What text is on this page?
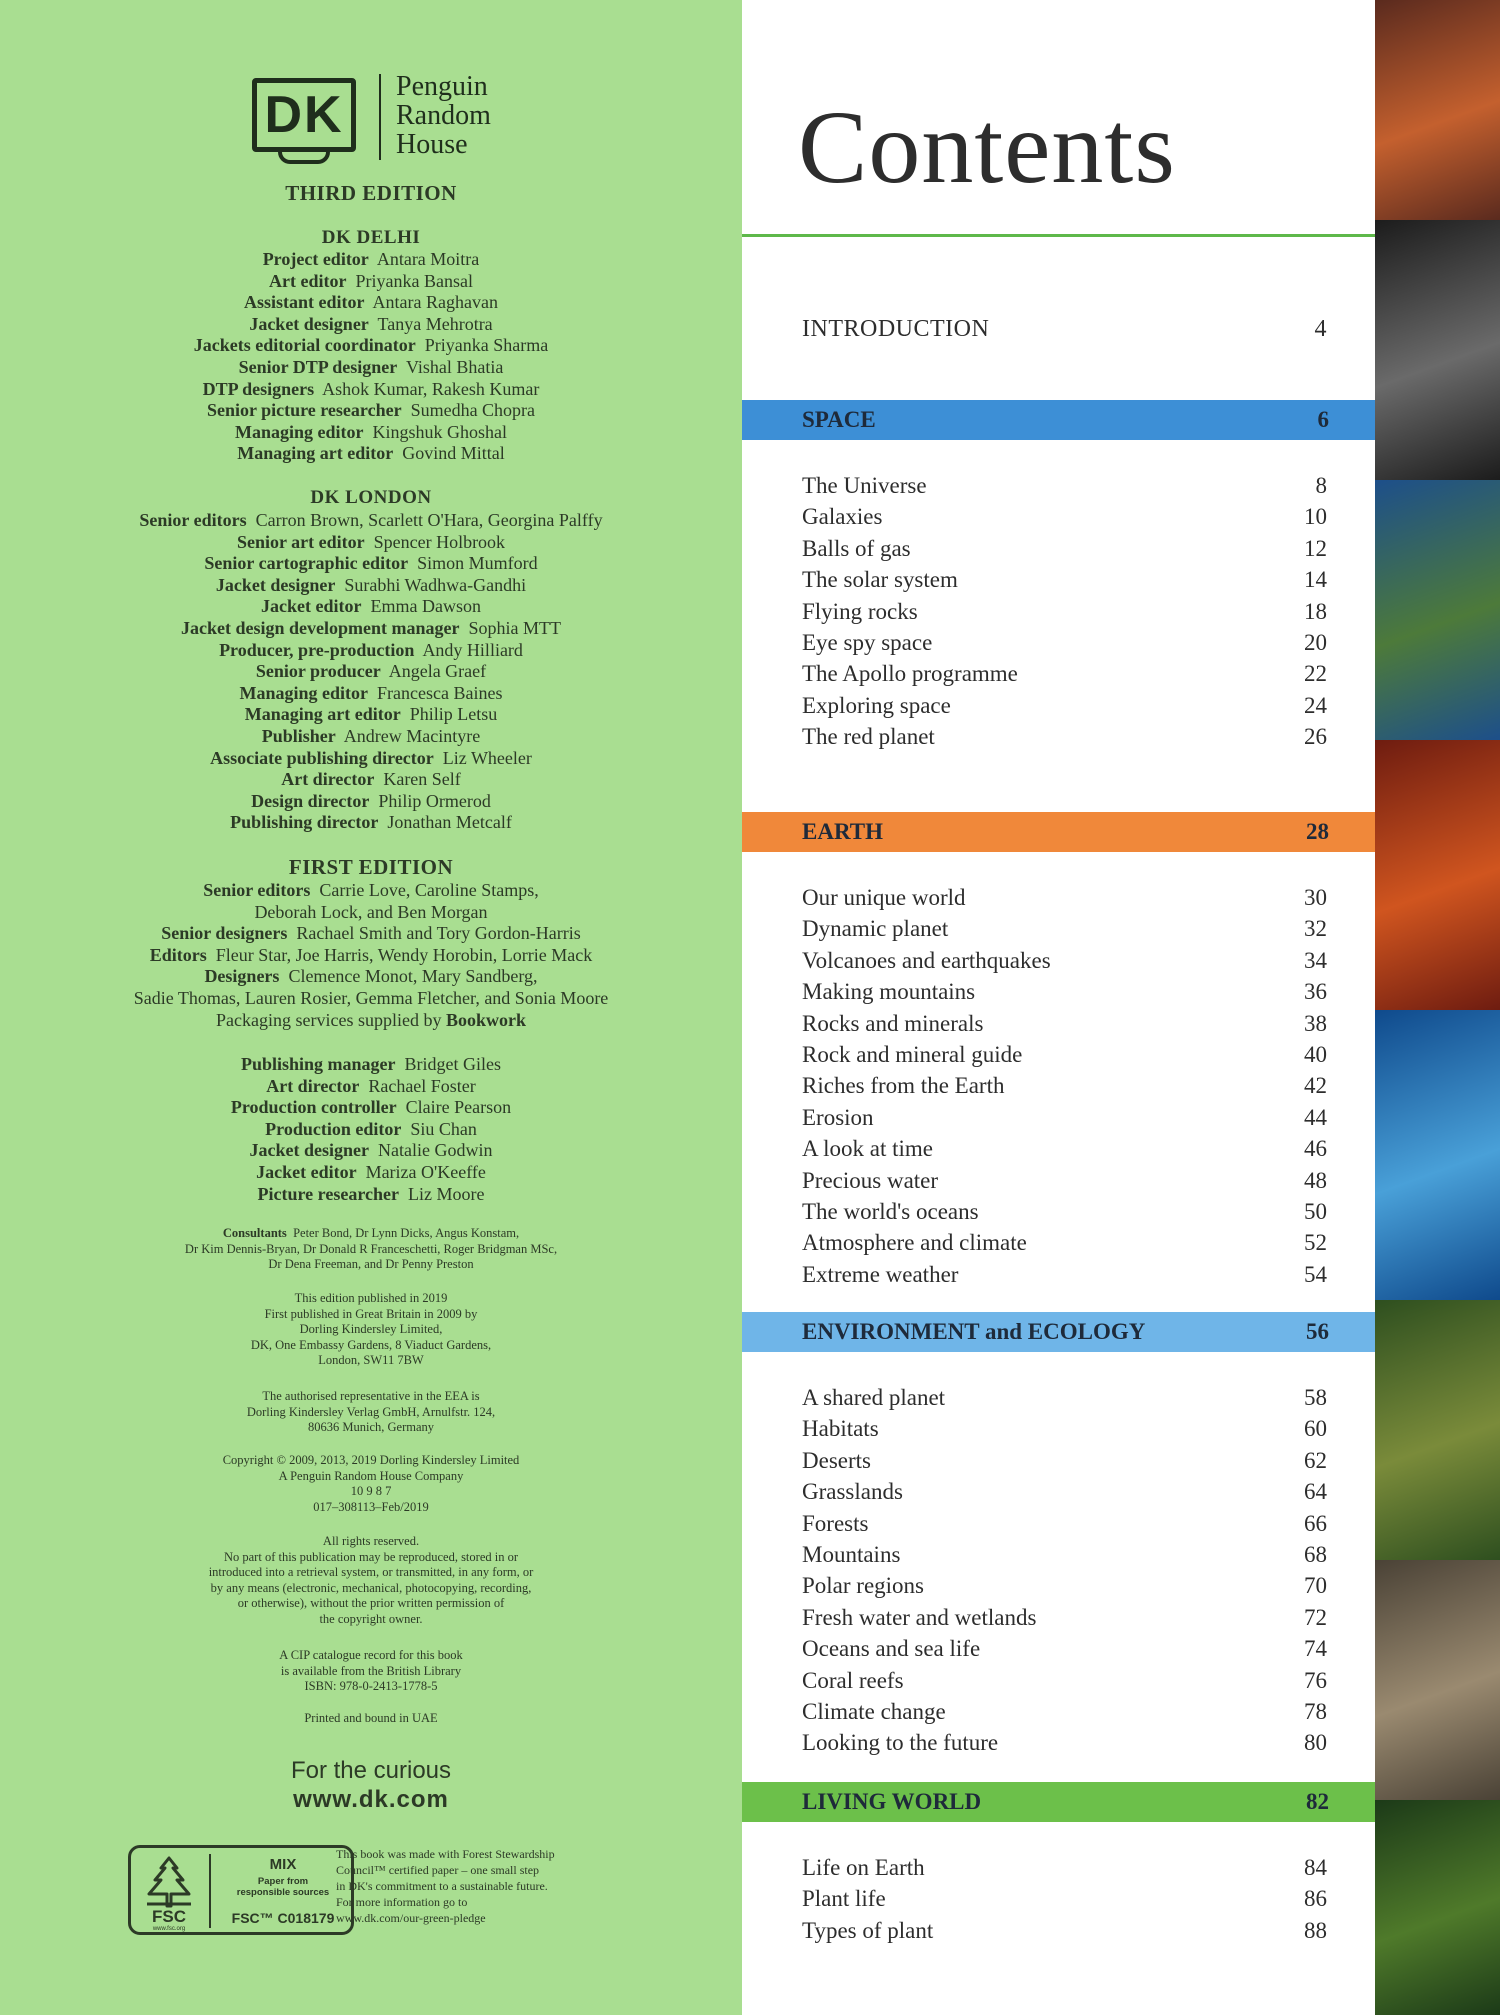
DK	Penguin
Random
House
THIRD EDITION
DK DELHI
Project editor Antara Moitra
Art editor Priyanka Bansal
Assistant editor Antara Raghavan
Jacket designer Tanya Mehrotra
Jackets editorial coordinator Priyanka Sharma
Senior DTP designer Vishal Bhatia
DTP designers Ashok Kumar, Rakesh Kumar
Senior picture researcher Sumedha Chopra
Managing editor Kingshuk Ghoshal
Managing art editor Govind Mittal
DK LONDON
Senior editors Carron Brown, Scarlett O'Hara, Georgina Palffy
Senior art editor Spencer Holbrook
Senior cartographic editor Simon Mumford
Jacket designer Surabhi Wadhwa-Gandhi
Jacket editor Emma Dawson
Jacket design development manager Sophia MTT
Producer, pre-production Andy Hilliard
Senior producer Angela Graef
Managing editor Francesca Baines
Managing art editor Philip Letsu
Publisher Andrew Macintyre
Associate publishing director Liz Wheeler
Art director Karen Self
Design director Philip Ormerod
Publishing director Jonathan Metcalf
FIRST EDITION
Senior editors Carrie Love, Caroline Stamps,
Deborah Lock, and Ben Morgan
Senior designers Rachael Smith and Tory Gordon-Harris
Editors Fleur Star, Joe Harris, Wendy Horobin, Lorrie Mack
Designers Clemence Monot, Mary Sandberg,
Sadie Thomas, Lauren Rosier, Gemma Fletcher, and Sonia Moore
Packaging services supplied by Bookwork
Publishing manager Bridget Giles
Art director Rachael Foster
Production controller Claire Pearson
Production editor Siu Chan
Jacket designer Natalie Godwin
Jacket editor Mariza O'Keeffe
Picture researcher Liz Moore
Consultants Peter Bond, Dr Lynn Dicks, Angus Konstam,
Dr Kim Dennis-Bryan, Dr Donald R Franceschetti, Roger Bridgman MSc,
Dr Dena Freeman, and Dr Penny Preston
This edition published in 2019
First published in Great Britain in 2009 by
Dorling Kindersley Limited,
DK, One Embassy Gardens, 8 Viaduct Gardens,
London, SW11 7BW
The authorised representative in the EEA is
Dorling Kindersley Verlag GmbH, Arnulfstr. 124,
80636 Munich, Germany
Copyright © 2009, 2013, 2019 Dorling Kindersley Limited
A Penguin Random House Company
10 9 8 7
017–308113–Feb/2019
All rights reserved.
No part of this publication may be reproduced, stored in or
introduced into a retrieval system, or transmitted, in any form, or
by any means (electronic, mechanical, photocopying, recording,
or otherwise), without the prior written permission of
the copyright owner.
A CIP catalogue record for this book
is available from the British Library
ISBN: 978-0-2413-1778-5
Printed and bound in UAE
For the curious
www.dk.com
FSC
www.fsc.org
MIX
Paper from
responsible sources
FSC™ C018179
This book was made with Forest Stewardship
Council™ certified paper – one small step
in DK's commitment to a sustainable future.
For more information go to
www.dk.com/our-green-pledge
Contents
INTRODUCTION	4
SPACE	6
The Universe	8
Galaxies	10
Balls of gas	12
The solar system	14
Flying rocks	18
Eye spy space	20
The Apollo programme	22
Exploring space	24
The red planet	26
EARTH	28
Our unique world	30
Dynamic planet	32
Volcanoes and earthquakes	34
Making mountains	36
Rocks and minerals	38
Rock and mineral guide	40
Riches from the Earth	42
Erosion	44
A look at time	46
Precious water	48
The world's oceans	50
Atmosphere and climate	52
Extreme weather	54
ENVIRONMENT and ECOLOGY	56
A shared planet	58
Habitats	60
Deserts	62
Grasslands	64
Forests	66
Mountains	68
Polar regions	70
Fresh water and wetlands	72
Oceans and sea life	74
Coral reefs	76
Climate change	78
Looking to the future	80
LIVING WORLD	82
Life on Earth	84
Plant life	86
Types of plant	88
